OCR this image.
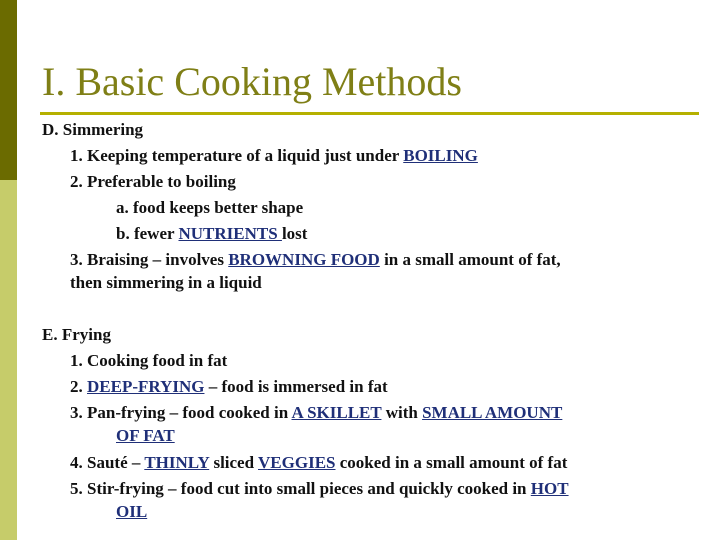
I. Basic Cooking Methods
D. Simmering
1. Keeping temperature of a liquid just under BOILING
2. Preferable to boiling
a. food keeps better shape
b. fewer NUTRIENTS lost
3. Braising – involves BROWNING FOOD in a small amount of fat,
then simmering in a liquid
E. Frying
1. Cooking food in fat
2. DEEP-FRYING – food is immersed in fat
3. Pan-frying – food cooked in A SKILLET with SMALL AMOUNT
OF FAT
4. Sauté – THINLY sliced VEGGIES cooked in a small amount of fat
5. Stir-frying – food cut into small pieces and quickly cooked in HOT
OIL
